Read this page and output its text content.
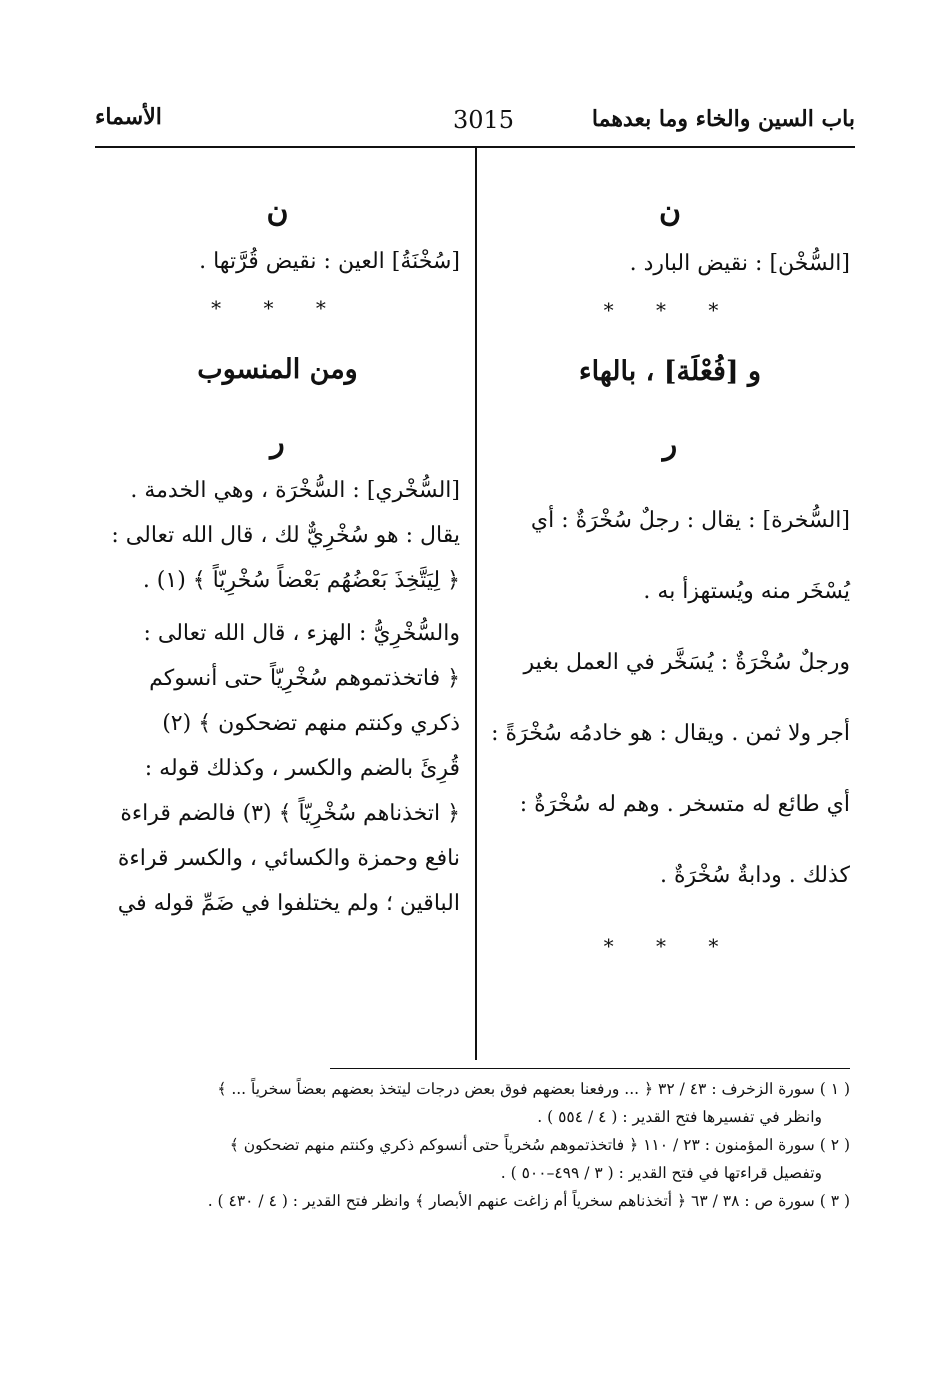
باب السين والخاء وما بعدهما
3015
الأسماء

ن

[السُّخْن] : نقيض البارد .

* * *

و [فُعْلَة] ، بالهاء

ر

[السُّخرة] : يقال : رجلٌ سُخْرَةٌ : أي

يُسْخَر منه ويُستهزأ به .

ورجلٌ سُخْرَةٌ : يُسَخَّر في العمل بغير

أجر ولا ثمن . ويقال : هو خادمُه سُخْرَةً :

أي طائع له متسخر . وهم له سُخْرَةٌ :

كذلك . ودابةٌ سُخْرَةٌ .

* * *

ن

[سُخْنَةُ] العين : نقيض قُرَّتها .

* * *

ومن المنسوب

ر

[السُّخْري] : السُّخْرَة ، وهي الخدمة .

يقال : هو سُخْرِيٌّ لك ، قال الله تعالى :

﴿ لِيَتَّخِذَ بَعْضُهُم بَعْضاً سُخْرِيّاً ﴾ (١) .

والسُّخْرِيُّ : الهزء ، قال الله تعالى :

﴿ فاتخذتموهم سُخْرِيّاً حتى أنسوكم

ذكري وكنتم منهم تضحكون ﴾ (٢)

قُرِئَ بالضم والكسر ، وكذلك قوله :

﴿ اتخذناهم سُخْرِيّاً ﴾ (٣) فالضم قراءة

نافع وحمزة والكسائي ، والكسر قراءة

الباقين ؛ ولم يختلفوا في ضَمِّ قوله في

( ١ ) سورة الزخرف : ٤٣ / ٣٢ ﴿ ... ورفعنا بعضهم فوق بعض درجات ليتخذ بعضهم بعضاً سخرياً ... ﴾

وانظر في تفسيرها فتح القدير : ( ٤ / ٥٥٤ ) .

( ٢ ) سورة المؤمنون : ٢٣ / ١١٠ ﴿ فاتخذتموهم سُخرياً حتى أنسوكم ذكري وكنتم منهم تضحكون ﴾

وتفصيل قراءتها في فتح القدير : ( ٣ / ٤٩٩–٥٠٠ ) .

( ٣ ) سورة ص : ٣٨ / ٦٣ ﴿ أتخذناهم سخرياً أم زاغت عنهم الأبصار ﴾ وانظر فتح القدير : ( ٤ / ٤٣٠ ) .
